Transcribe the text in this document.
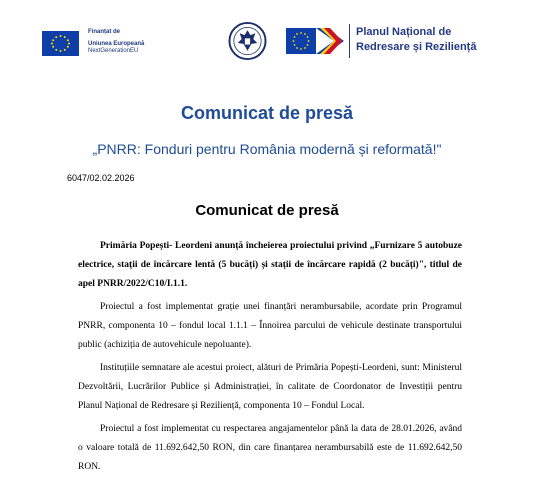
Finanțat de
Uniunea Europeană
NextGenerationEU
Planul Național de
Redresare și Reziliență
Comunicat de presă
„PNRR: Fonduri pentru România modernă și reformată!"
6047/02.02.2026
Comunicat de presă

Primăria Popești- Leordeni anunță încheierea proiectului privind „Furnizare 5 autobuze electrice, stații de încărcare lentă (5 bucăți) și stații de încărcare rapidă (2 bucăți)", titlul de apel PNRR/2022/C10/I.1.1.

Proiectul a fost implementat grație unei finanțări nerambursabile, acordate prin Programul PNRR, componenta 10 – fondul local 1.1.1 – Înnoirea parcului de vehicule destinate transportului public (achiziția de autovehicule nepoluante).

Instituțiile semnatare ale acestui proiect, alături de Primăria Popești-Leordeni, sunt: Ministerul Dezvoltării, Lucrărilor Publice și Administrației, în calitate de Coordonator de Investiții pentru Planul Național de Redresare și Reziliență, componenta 10 – Fondul Local.

Proiectul a fost implementat cu respectarea angajamentelor până la data de 28.01.2026, având o valoare totală de 11.692.642,50 RON, din care finanțarea nerambursabilă este de 11.692.642,50 RON.
